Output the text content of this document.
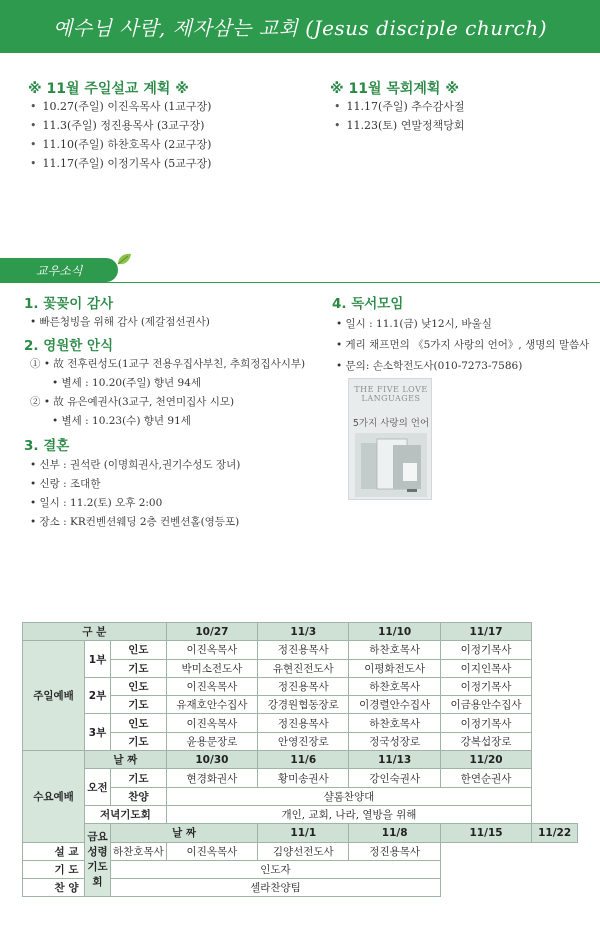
예수님 사람, 제자삼는 교회 (Jesus disciple church)
※ 11월 주일설교 계획 ※
• 10.27(주일) 이진옥목사 (1교구장)
• 11.3(주일) 정진용목사 (3교구장)
• 11.10(주일) 하찬호목사 (2교구장)
• 11.17(주일) 이정기목사 (5교구장)
※ 11월 목회계획 ※
• 11.17(주일) 추수감사절
• 11.23(토) 연말정책당회
교우소식
1. 꽃꽂이 감사
• 빠른청빙을 위해 감사 (제갈점선권사)
2. 영원한 안식
① • 故 전후린성도(1교구 전용우집사부친, 추희정집사시부)
• 별세 : 10.20(주일) 향년 94세
② • 故 유은예권사(3교구, 천연미집사 시모)
• 별세 : 10.23(수) 향년 91세
3. 결혼
• 신부 : 권석란 (이명희권사,권기수성도 장녀)
• 신랑 : 조대한
• 일시 : 11.2(토) 오후 2:00
• 장소 : KR컨벤션웨딩 2층 컨벤션홀(영등포)
4. 독서모임
• 일시 : 11.1(금) 낮12시, 바울실
• 게리 채프먼의 《5가지 사랑의 언어》, 생명의 말씀사
• 문의: 손소학전도사(010-7273-7586)
THE FIVE LOVE LANGUAGES
5가지 사랑의 언어
구 분			10/27	11/3	11/10	11/17	
주일예배	1부	인도	이진옥목사	정진용목사	하찬호목사	이정기목사	
		기도	박미소전도사	유현진전도사	이평화전도사	이지인목사	
	2부	인도	이진옥목사	정진용목사	하찬호목사	이정기목사	
		기도	유재호안수집사	강경원협동장로	이경렬안수집사	이금용안수집사	
	3부	인도	이진옥목사	정진용목사	하찬호목사	이정기목사	
		기도	윤용문장로	안영진장로	정국성장로	강복섭장로	
수요예배	날 짜		10/30	11/6	11/13	11/20	
	오전	기도	현경화권사	황미송권사	강인숙권사	한연순권사	
		찬양	샬롬찬양대				
	저녁기도회		개인, 교회, 나라, 열방을 위해				
	금요성령 기도회	날 짜		11/1	11/8	11/15	11/22
설 교		하찬호목사	이진옥목사	김양선전도사	정진용목사		
기 도		인도자					
찬 양		셀라찬양팀					
